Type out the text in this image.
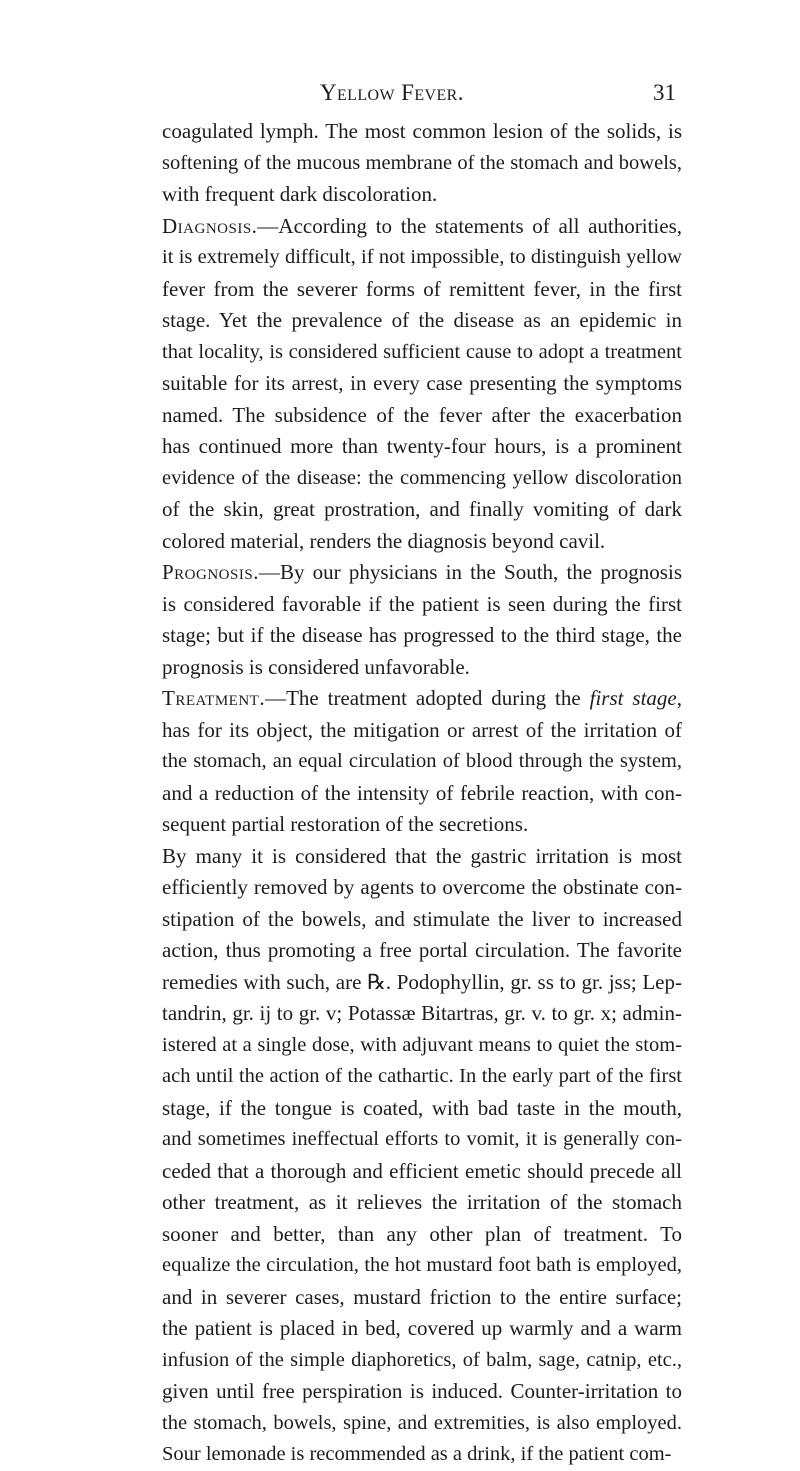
Yellow Fever.	31
coagulated lymph. The most common lesion of the solids, is
softening of the mucous membrane of the stomach and bowels,
with frequent dark discoloration.
Diagnosis.—According to the statements of all authorities,
it is extremely difficult, if not impossible, to distinguish yellow
fever from the severer forms of remittent fever, in the first
stage. Yet the prevalence of the disease as an epidemic in
that locality, is considered sufficient cause to adopt a treatment
suitable for its arrest, in every case presenting the symptoms
named. The subsidence of the fever after the exacerbation
has continued more than twenty-four hours, is a prominent
evidence of the disease: the commencing yellow discoloration
of the skin, great prostration, and finally vomiting of dark
colored material, renders the diagnosis beyond cavil.
Prognosis.—By our physicians in the South, the prognosis
is considered favorable if the patient is seen during the first
stage; but if the disease has progressed to the third stage, the
prognosis is considered unfavorable.
Treatment.—The treatment adopted during the first stage,
has for its object, the mitigation or arrest of the irritation of
the stomach, an equal circulation of blood through the system,
and a reduction of the intensity of febrile reaction, with con-
sequent partial restoration of the secretions.
By many it is considered that the gastric irritation is most
efficiently removed by agents to overcome the obstinate con-
stipation of the bowels, and stimulate the liver to increased
action, thus promoting a free portal circulation. The favorite
remedies with such, are ℞. Podophyllin, gr. ss to gr. jss; Lep-
tandrin, gr. ij to gr. v; Potassæ Bitartras, gr. v. to gr. x; admin-
istered at a single dose, with adjuvant means to quiet the stom-
ach until the action of the cathartic. In the early part of the first
stage, if the tongue is coated, with bad taste in the mouth,
and sometimes ineffectual efforts to vomit, it is generally con-
ceded that a thorough and efficient emetic should precede all
other treatment, as it relieves the irritation of the stomach
sooner and better, than any other plan of treatment. To
equalize the circulation, the hot mustard foot bath is employed,
and in severer cases, mustard friction to the entire surface;
the patient is placed in bed, covered up warmly and a warm
infusion of the simple diaphoretics, of balm, sage, catnip, etc.,
given until free perspiration is induced. Counter-irritation to
the stomach, bowels, spine, and extremities, is also employed.
Sour lemonade is recommended as a drink, if the patient com-
